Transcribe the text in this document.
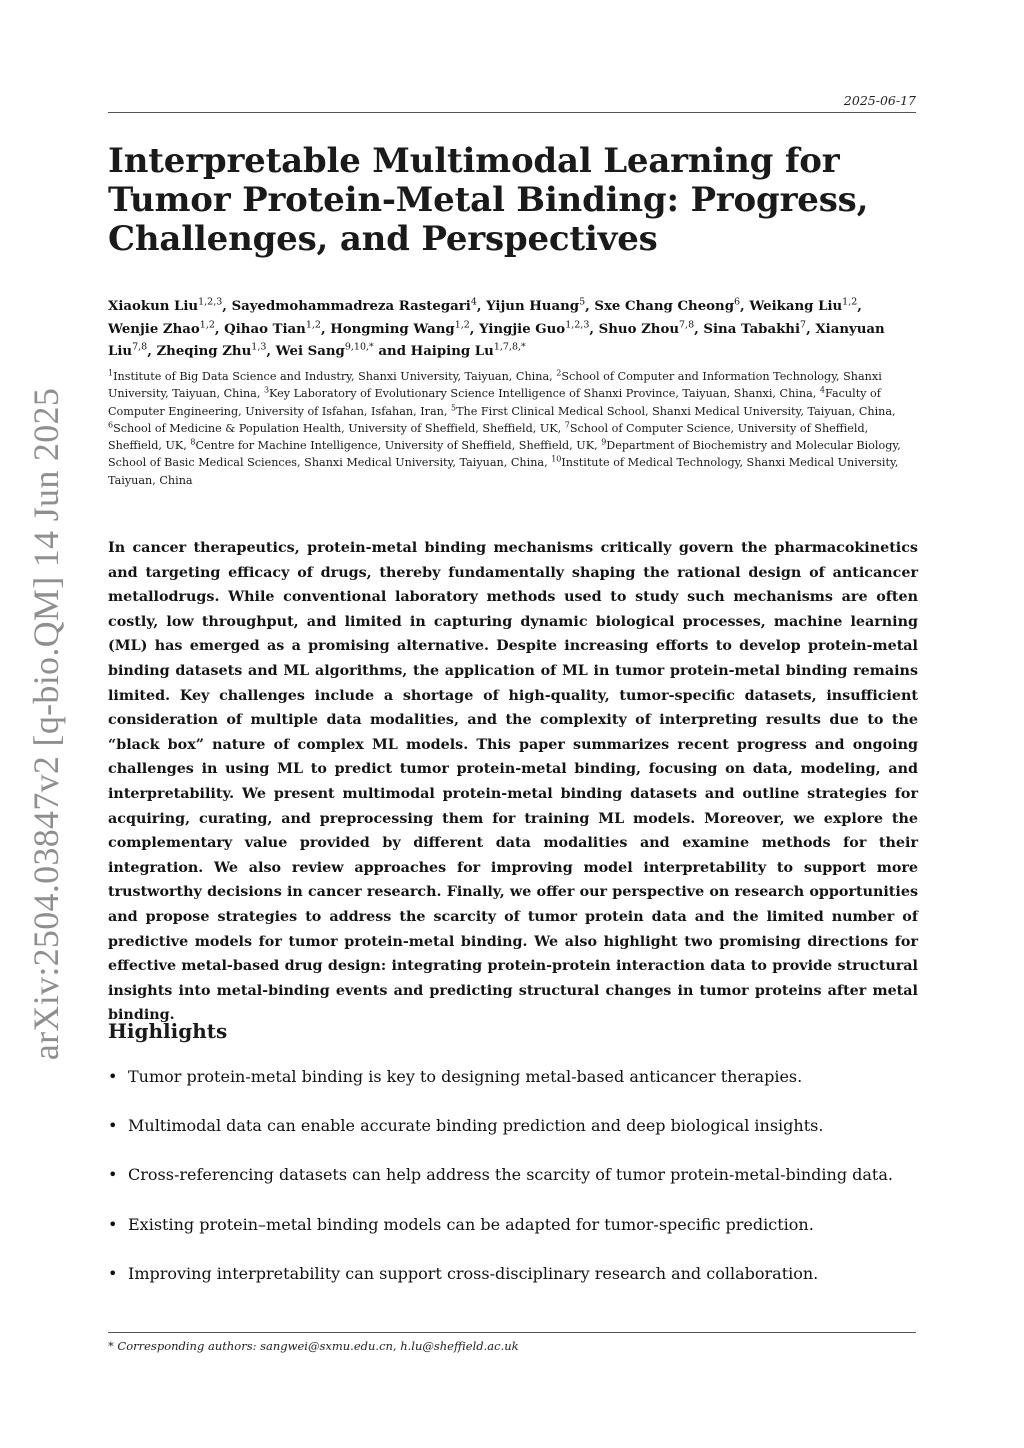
arXiv:2504.03847v2 [q-bio.QM] 14 Jun 2025
2025-06-17
Interpretable Multimodal Learning for Tumor Protein-Metal Binding: Progress, Challenges, and Perspectives
Xiaokun Liu$^{1,2,3}$, Sayedmohammadreza Rastegari$^4$, Yijun Huang$^5$, Sxe Chang Cheong$^6$, Weikang Liu$^{1,2}$,
Wenjie Zhao$^{1,2}$, Qihao Tian$^{1,2}$, Hongming Wang$^{1,2}$, Yingjie Guo$^{1,2,3}$, Shuo Zhou$^{7,8}$, Sina Tabakhi$^7$, Xianyuan Liu$^{7,8}$, Zheqing Zhu$^{1,3}$, Wei Sang$^{9,10,*}$ and Haiping $Lu^{1,7,8,*}$
$^1$Institute of Big Data Science and Industry, Shanxi University, Taiyuan, China, $^2$School of Computer and Information Technology, Shanxi University, Taiyuan, China, $^3$Key Laboratory of Evolutionary Science Intelligence of Shanxi Province, Taiyuan, Shanxi, China, $^4$Faculty of Computer Engineering, University of Isfahan, Isfahan, Iran, $^5$The First Clinical Medical School, Shanxi Medical University, Taiyuan, China, $^6$School of Medicine & Population Health, University of Sheffield, Sheffield, UK, $^7$School of Computer Science, University of Sheffield, Sheffield, UK, $^8$Centre for Machine Intelligence, University of Sheffield, Sheffield, UK, $^9$Department of Biochemistry and Molecular Biology, School of Basic Medical Sciences, Shanxi Medical University, Taiyuan, China, $^{10}$Institute of Medical Technology, Shanxi Medical University, Taiyuan, China

In cancer therapeutics, protein-metal binding mechanisms critically govern the pharmacokinetics and targeting efficacy of drugs, thereby fundamentally shaping the rational design of anticancer metallodrugs. While conventional laboratory methods used to study such mechanisms are often costly, low throughput, and limited in capturing dynamic biological processes, machine learning (ML) has emerged as a promising alternative. Despite increasing efforts to develop protein-metal binding datasets and ML algorithms, the application of ML in tumor protein-metal binding remains limited. Key challenges include a shortage of high-quality, tumor-specific datasets, insufficient consideration of multiple data modalities, and the complexity of interpreting results due to the “black box” nature of complex ML models. This paper summarizes recent progress and ongoing challenges in using ML to predict tumor protein-metal binding, focusing on data, modeling, and interpretability. We present multimodal protein-metal binding datasets and outline strategies for acquiring, curating, and preprocessing them for training ML models. Moreover, we explore the complementary value provided by different data modalities and examine methods for their integration. We also review approaches for improving model interpretability to support more trustworthy decisions in cancer research. Finally, we offer our perspective on research opportunities and propose strategies to address the scarcity of tumor protein data and the limited number of predictive models for tumor protein-metal binding. We also highlight two promising directions for effective metal-based drug design: integrating protein-protein interaction data to provide structural insights into metal-binding events and predicting structural changes in tumor proteins after metal binding.

Highlights
• Tumor protein-metal binding is key to designing metal-based anticancer therapies.
• Multimodal data can enable accurate binding prediction and deep biological insights.
• Cross-referencing datasets can help address the scarcity of tumor protein-metal-binding data.
• Existing protein–metal binding models can be adapted for tumor-specific prediction.
• Improving interpretability can support cross-disciplinary research and collaboration.
* Corresponding authors: sangwei@sxmu.edu.cn, h.lu@sheffield.ac.uk
